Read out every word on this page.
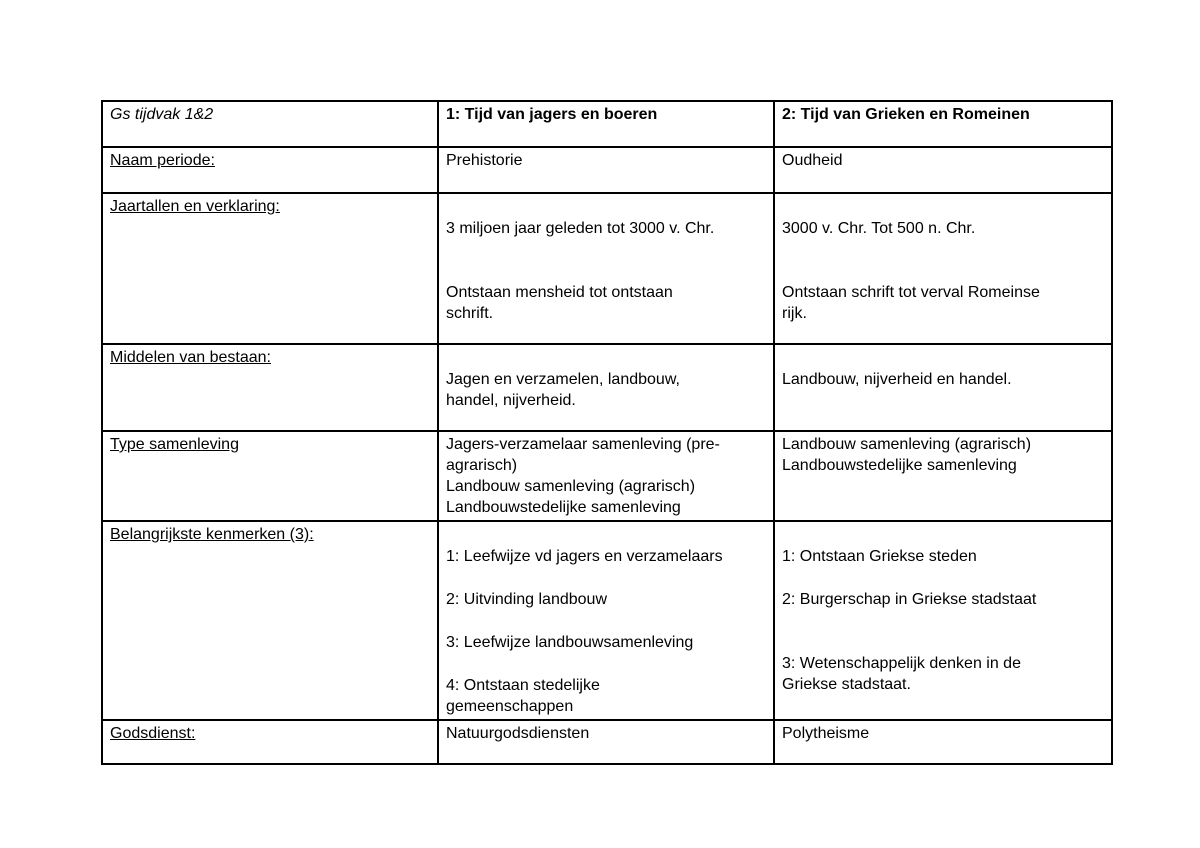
Gs tijdvak 1&2	1: Tijd van jagers en boeren	2: Tijd van Grieken en Romeinen
Naam periode:	Prehistorie	Oudheid
Jaartallen en verklaring:	3 miljoen jaar geleden tot 3000 v. Chr.
Ontstaan mensheid tot ontstaan
schrift.	3000 v. Chr. Tot 500 n. Chr.
Ontstaan schrift tot verval Romeinse
rijk.

Middelen van bestaan:	Jagen en verzamelen, landbouw,
handel, nijverheid.	Landbouw, nijverheid en handel.

Type samenleving	Jagers-verzamelaar samenleving (pre-
agrarisch)
Landbouw samenleving (agrarisch)
Landbouwstedelijke samenleving	Landbouw samenleving (agrarisch)
Landbouwstedelijke samenleving

Belangrijkste kenmerken (3):	1: Leefwijze vd jagers en verzamelaars
2: Uitvinding landbouw
3: Leefwijze landbouwsamenleving
4: Ontstaan stedelijke
gemeenschappen	1: Ontstaan Griekse steden
2: Burgerschap in Griekse stadstaat
3: Wetenschappelijk denken in de
Griekse stadstaat.

Godsdienst:	Natuurgodsdiensten	Polytheisme
